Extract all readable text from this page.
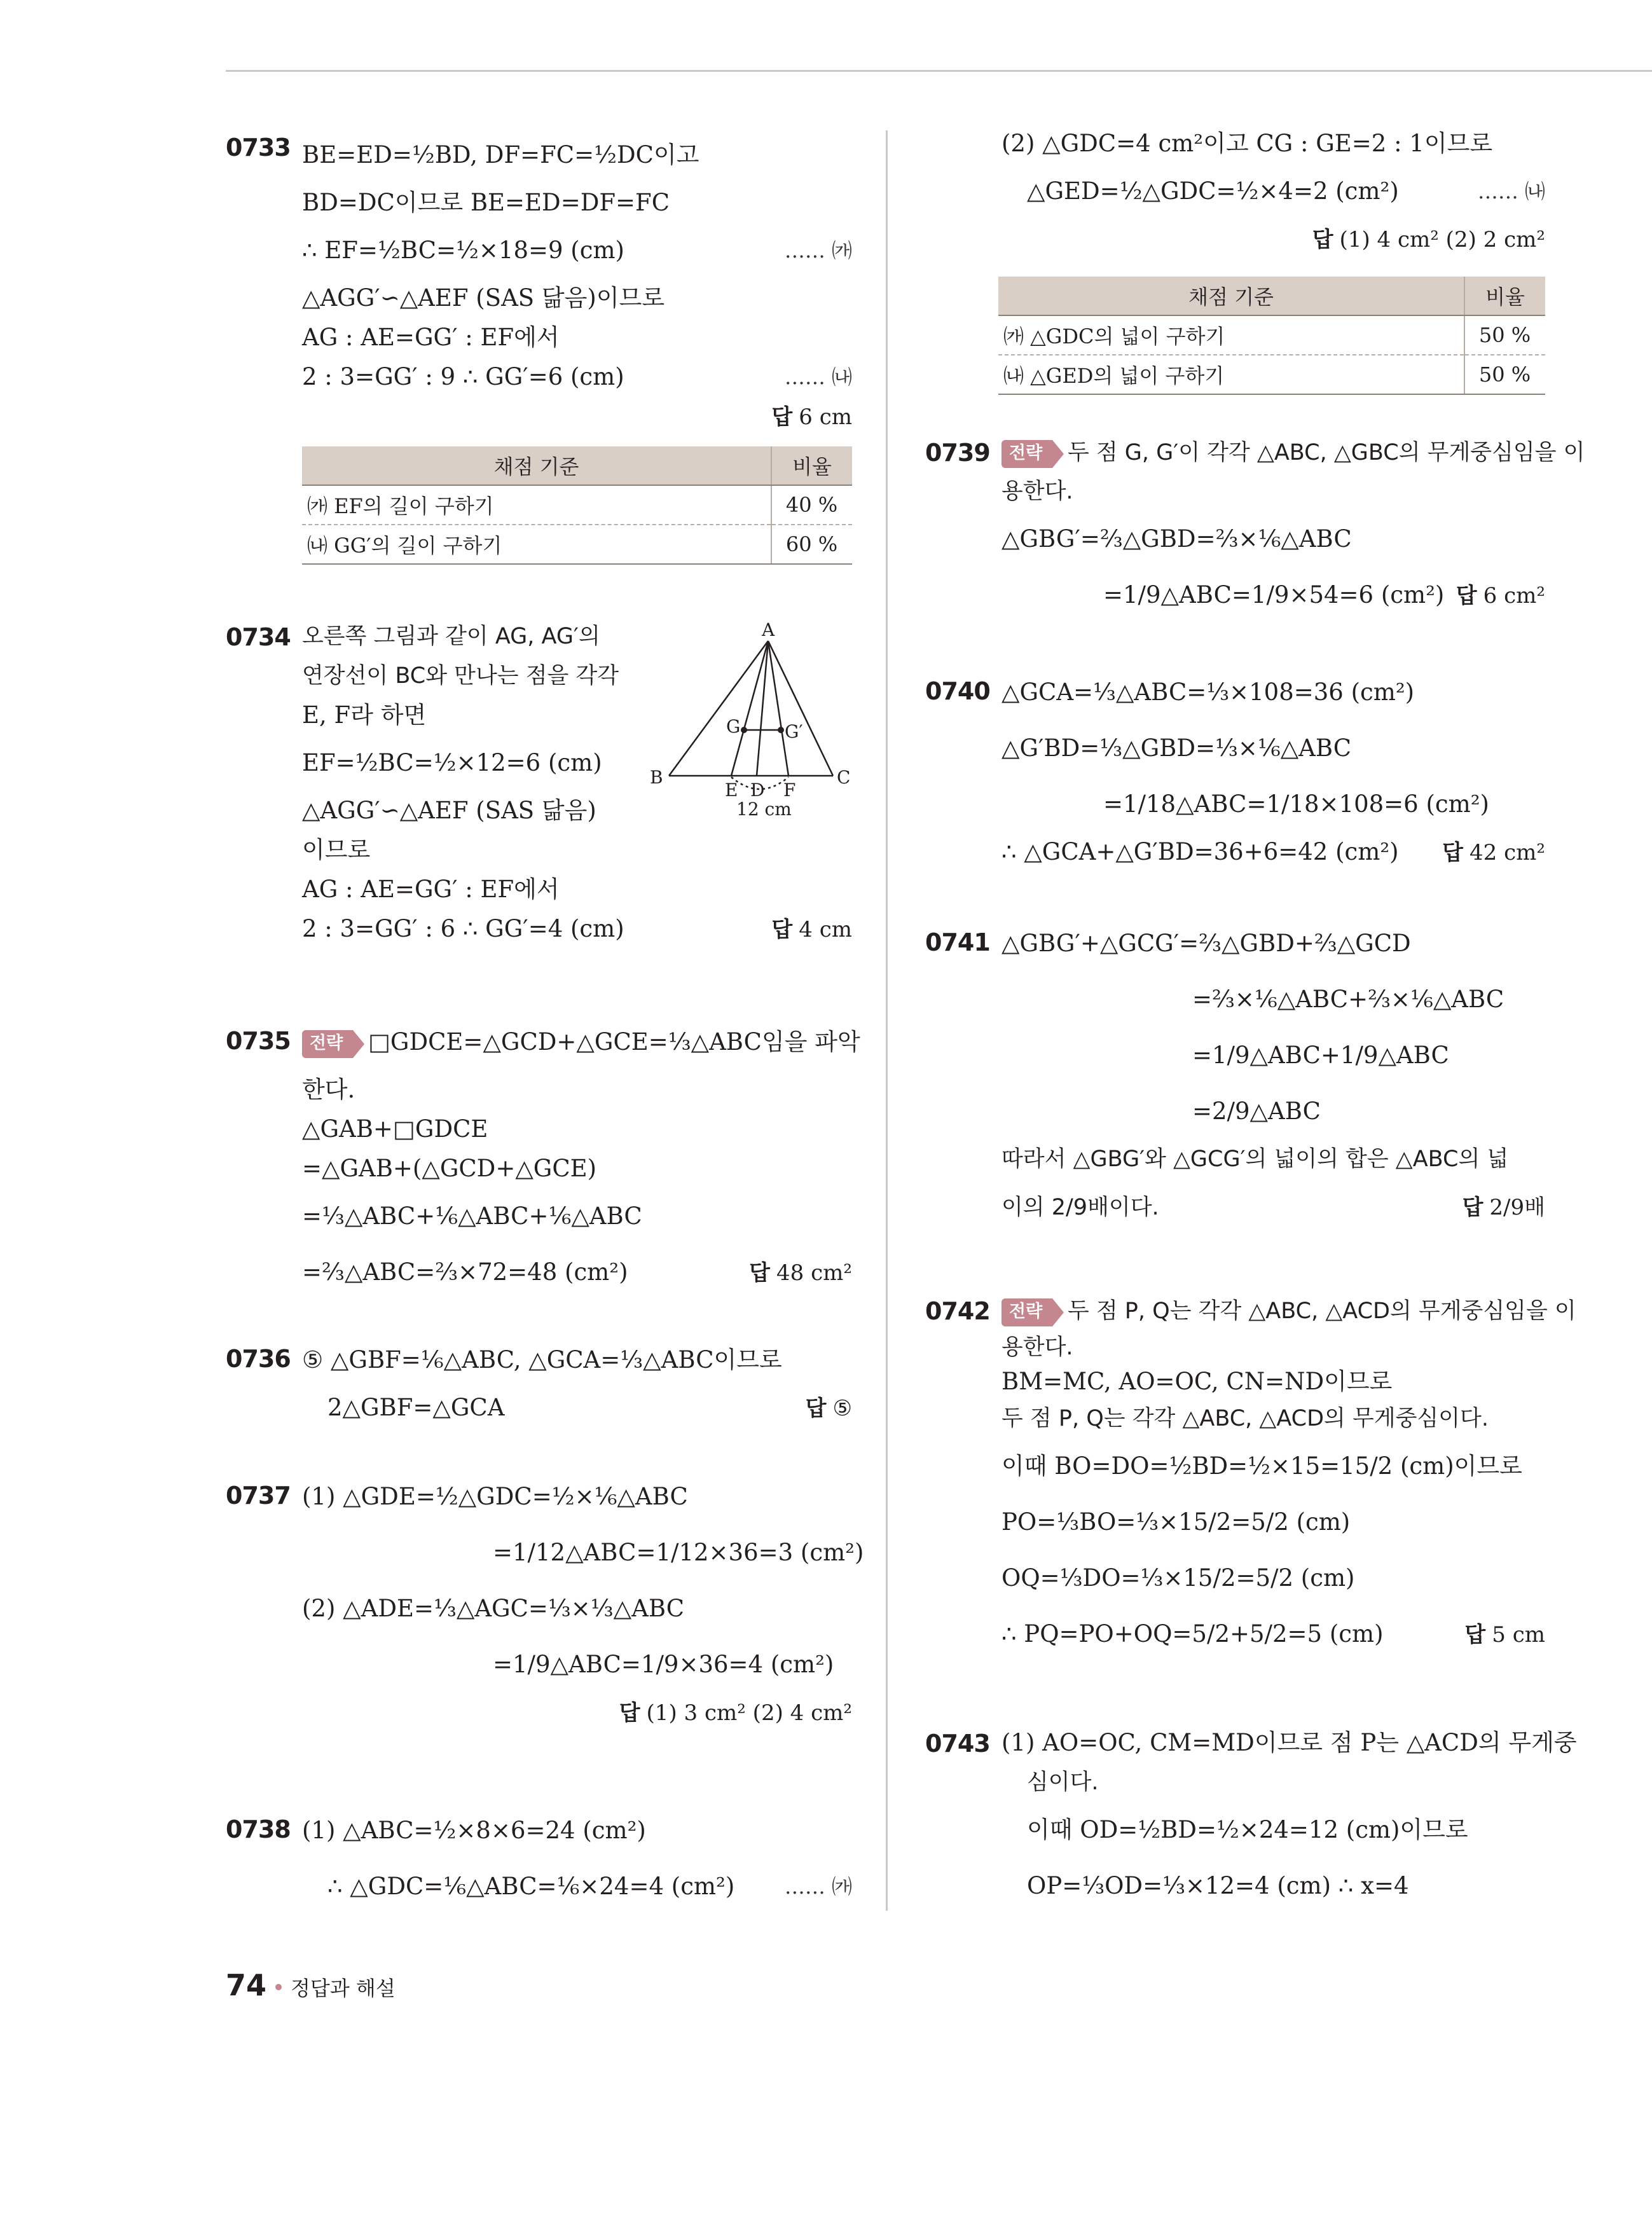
0733 BE=ED=½BD, DF=FC=½DC이고
BD=DC이므로 BE=ED=DF=FC
∴ EF=½BC=½×18=9 (cm)	…… ㈎
△AGG′∽△AEF (SAS 닮음)이므로
AG : AE=GG′ : EF에서
2 : 3=GG′ : 9 ∴ GG′=6 (cm)	…… ㈏
답 6 cm
채점 기준	비율
㈎ EF의 길이 구하기	40 %
㈏ GG′의 길이 구하기	60 %
0734 오른쪽 그림과 같이 AG, AG′의
연장선이 BC와 만나는 점을 각각
E, F라 하면
EF=½BC=½×12=6 (cm)
△AGG′∽△AEF (SAS 닮음)
이므로
AG : AE=GG′ : EF에서
2 : 3=GG′ : 6 ∴ GG′=4 (cm)	답 4 cm
A
B	C
E D F
G G′
12 cm
0735	전략 □GDCE=△GCD+△GCE=⅓△ABC임을 파악
한다.
△GAB+□GDCE
=△GAB+(△GCD+△GCE)
=⅓△ABC+⅙△ABC+⅙△ABC
=⅔△ABC=⅔×72=48 (cm²)	답 48 cm²
0736 ⑤ △GBF=⅙△ABC, △GCA=⅓△ABC이므로
2△GBF=△GCA	답 ⑤
0737 (1) △GDE=½△GDC=½×⅙△ABC
=1/12△ABC=1/12×36=3 (cm²)
(2) △ADE=⅓△AGC=⅓×⅓△ABC
=1/9△ABC=1/9×36=4 (cm²)
답 (1) 3 cm² (2) 4 cm²
0738 (1) △ABC=½×8×6=24 (cm²)
∴ △GDC=⅙△ABC=⅙×24=4 (cm²) …… ㈎
(2) △GDC=4 cm²이고 CG : GE=2 : 1이므로
△GED=½△GDC=½×4=2 (cm²)	…… ㈏
답 (1) 4 cm² (2) 2 cm²
채점 기준	비율
㈎ △GDC의 넓이 구하기	50 %
㈏ △GED의 넓이 구하기	50 %
0739	전략 두 점 G, G′이 각각 △ABC, △GBC의 무게중심임을 이
용한다.
△GBG′=⅔△GBD=⅔×⅙△ABC
=1/9△ABC=1/9×54=6 (cm²) 답 6 cm²
0740 △GCA=⅓△ABC=⅓×108=36 (cm²)
△G′BD=⅓△GBD=⅓×⅙△ABC
=1/18△ABC=1/18×108=6 (cm²)
∴ △GCA+△G′BD=36+6=42 (cm²) 답 42 cm²
0741 △GBG′+△GCG′=⅔△GBD+⅔△GCD
=⅔×⅙△ABC+⅔×⅙△ABC
=1/9△ABC+1/9△ABC
=2/9△ABC
따라서 △GBG′와 △GCG′의 넓이의 합은 △ABC의 넓
이의 2/9배이다.	답 2/9배
0742	전략 두 점 P, Q는 각각 △ABC, △ACD의 무게중심임을 이
용한다.
BM=MC, AO=OC, CN=ND이므로
두 점 P, Q는 각각 △ABC, △ACD의 무게중심이다.
이때 BO=DO=½BD=½×15=15/2 (cm)이므로
PO=⅓BO=⅓×15/2=5/2 (cm)
OQ=⅓DO=⅓×15/2=5/2 (cm)
∴ PQ=PO+OQ=5/2+5/2=5 (cm)	답 5 cm
0743 (1) AO=OC, CM=MD이므로 점 P는 △ACD의 무게중
심이다.
이때 OD=½BD=½×24=12 (cm)이므로
OP=⅓OD=⅓×12=4 (cm) ∴ x=4
74 정답과 해설
